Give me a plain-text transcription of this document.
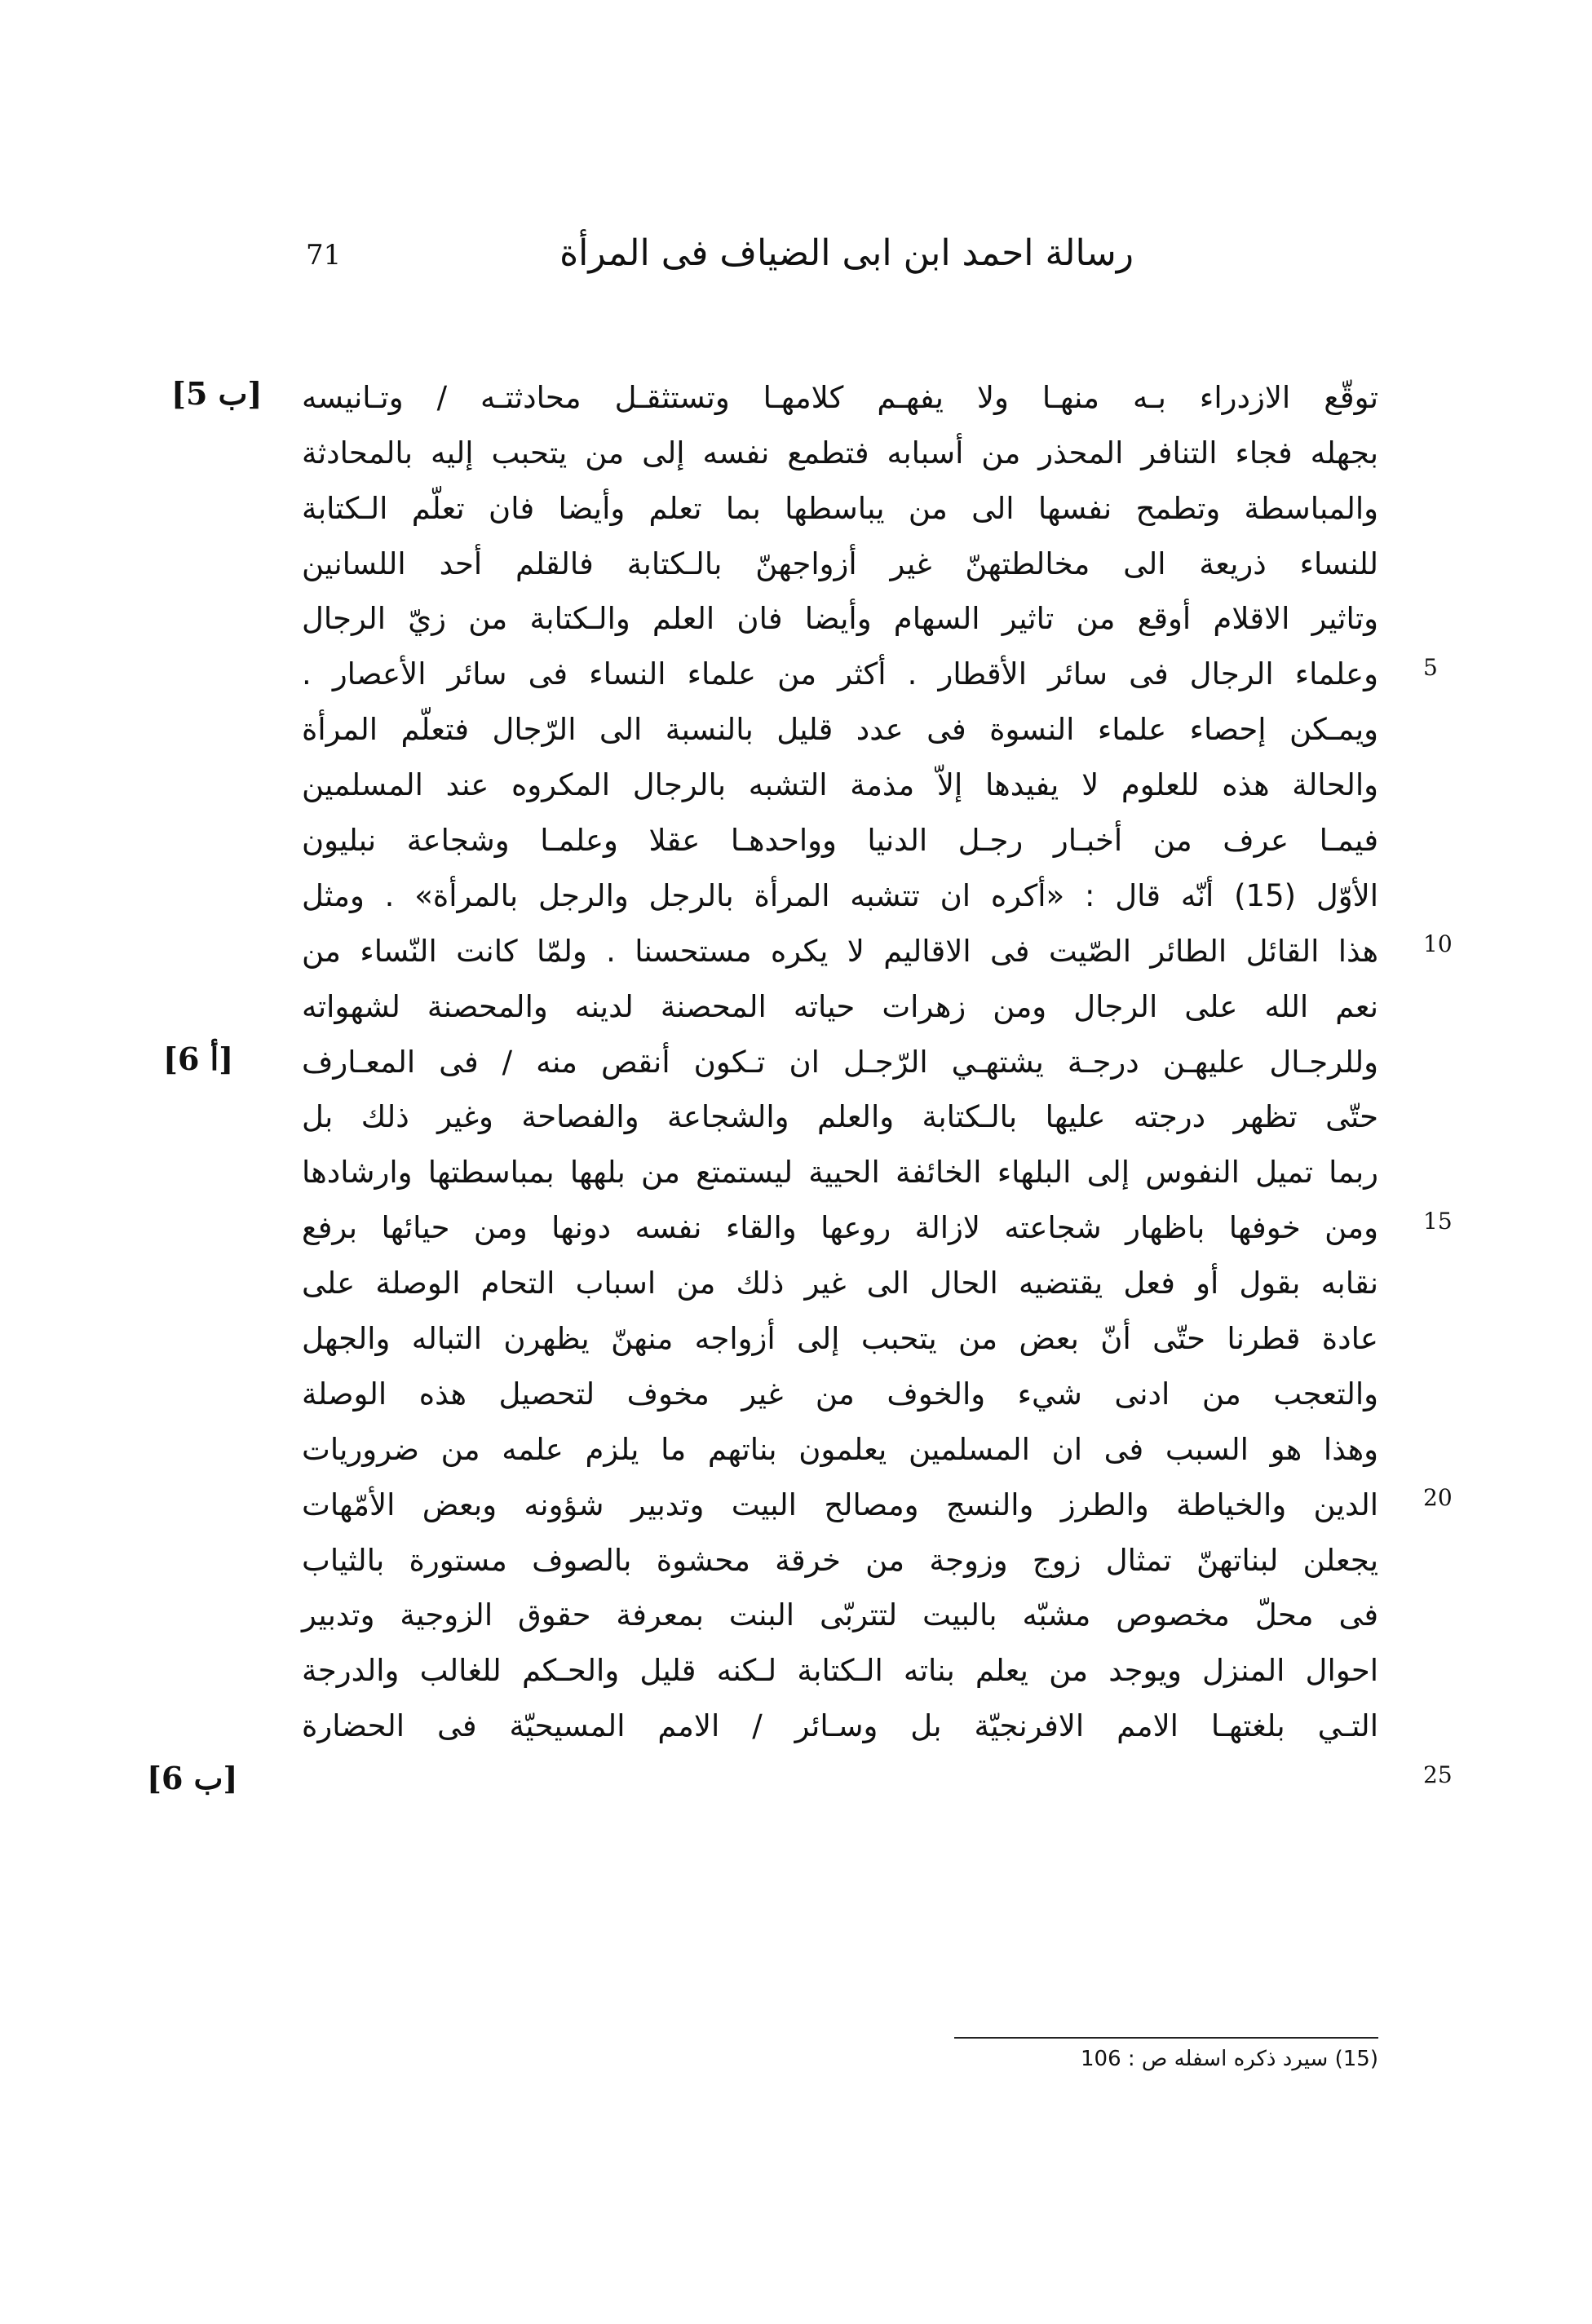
71	رسالة احمد ابن ابى الضياف فى المرأة
توقّع الازدراء بـه منهـا ولا يفهـم كلامهـا وتستثقـل محادثتـه / وتـانيسه
بجهله فجاء التنافر المحذر من أسبابه فتطمع نفسه إلى من يتحبب إليه بالمحادثة
والمباسطة وتطمح نفسها الى من يباسطها بما تعلم وأيضا فان تعلّم الـكتابة
للنساء ذريعة الى مخالطتهنّ غير أزواجهنّ بالـكتابة فالقلم أحد اللسانين
وتاثير الاقلام أوقع من تاثير السهام وأيضا فان العلم والـكتابة من زيّ الرجال
وعلماء الرجال فى سائر الأقطار . أكثر من علماء النساء فى سائر الأعصار .
ويمـكن إحصاء علماء النسوة فى عدد قليل بالنسبة الى الرّجال فتعلّم المرأة
والحالة هذه للعلوم لا يفيدها إلاّ مذمة التشبه بالرجال المكروه عند المسلمين
فيمـا عرف من أخبـار رجـل الدنيا وواحدهـا عقلا وعلمـا وشجاعة نبليون
الأوّل (15) أنّه قال : «أكره ان تتشبه المرأة بالرجل والرجل بالمرأة» . ومثل
هذا القائل الطائر الصّيت فى الاقاليم لا يكره مستحسنا . ولمّا كانت النّساء من
نعم الله على الرجال ومن زهرات حياته المحصنة لدينه والمحصنة لشهواته
وللرجـال عليهـن درجـة يشتهـي الرّجـل ان تـكون أنقص منه / فى المعـارف
حتّى تظهر درجته عليها بالـكتابة والعلم والشجاعة والفصاحة وغير ذلك بل
ربما تميل النفوس إلى البلهاء الخائفة الحيية ليستمتع من بلهها بمباسطتها وارشادها
ومن خوفها باظهار شجاعته لازالة روعها والقاء نفسه دونها ومن حيائها برفع
نقابه بقول أو فعل يقتضيه الحال الى غير ذلك من اسباب التحام الوصلة على
عادة قطرنا حتّى أنّ بعض من يتحبب إلى أزواجه منهنّ يظهرن التباله والجهل
والتعجب من ادنى شيء والخوف من غير مخوف لتحصيل هذه الوصلة
وهذا هو السبب فى ان المسلمين يعلمون بناتهم ما يلزم علمه من ضروريات
الدين والخياطة والطرز والنسج ومصالح البيت وتدبير شؤونه وبعض الأمّهات
يجعلن لبناتهنّ تمثال زوج وزوجة من خرقة محشوة بالصوف مستورة بالثياب
فى محلّ مخصوص مشبّه بالبيت لتتربّى البنت بمعرفة حقوق الزوجية وتدبير
احوال المنزل ويوجد من يعلم بناته الـكتابة لـكنه قليل والحـكم للغالب والدرجة
التـي بلغتهـا الامم الافرنجيّة بل وسـائر / الامم المسيحيّة فى الحضارة
5
10
15
20
25
[5 ب]
[6 أ]
[6 ب]
(15) سيرد ذكره اسفله ص : 106
